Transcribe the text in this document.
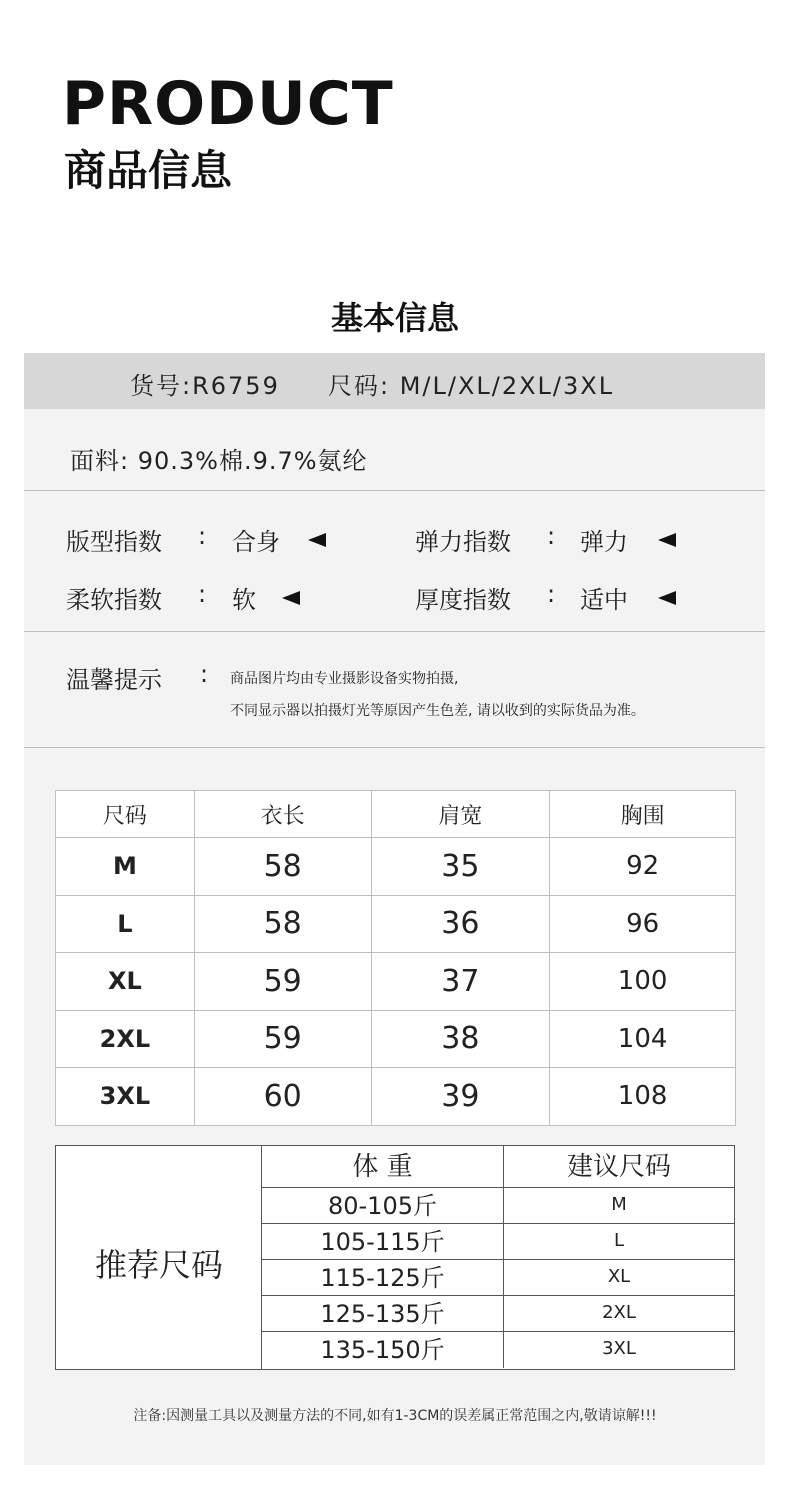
PRODUCT
商品信息
基本信息
货号:R6759     尺码: M/L/XL/2XL/3XL
面料: 90.3%棉.9.7%氨纶
版型指数 : 合身	弹力指数 : 弹力
柔软指数 : 软	厚度指数 : 适中
温馨提示 : 商品图片均由专业摄影设备实物拍摄,
不同显示器以拍摄灯光等原因产生色差, 请以收到的实际货品为准。
尺码	衣长	肩宽	胸围
M	58	35	92
L	58	36	96
XL	59	37	100
2XL	59	38	104
3XL	60	39	108
推荐尺码
体 重	建议尺码
80-105斤	M
105-115斤	L
115-125斤	XL
125-135斤	2XL
135-150斤	3XL
注备:因测量工具以及测量方法的不同,如有1-3CM的误差属正常范围之内,敬请谅解!!!
